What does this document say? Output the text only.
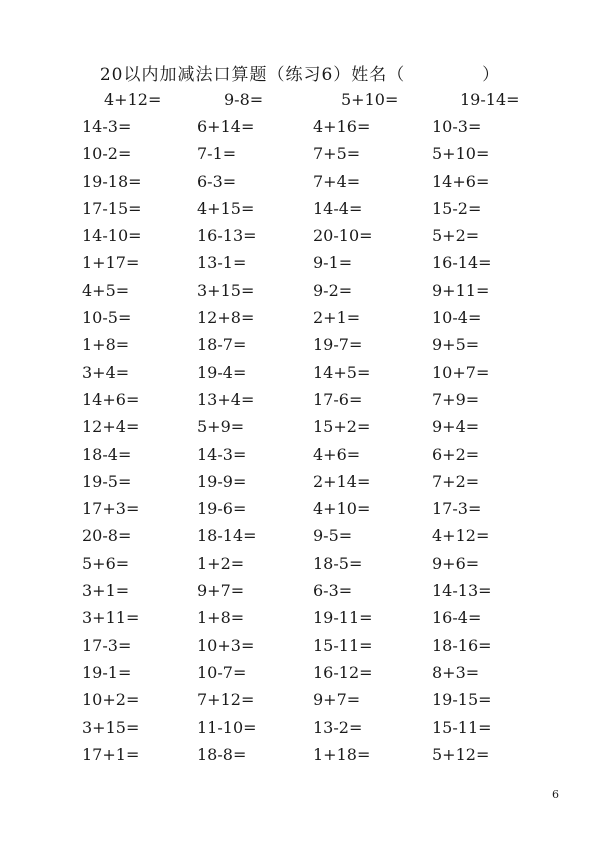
20以内加减法口算题（练习6）姓名（            ）
4+12=	9-8=	5+10=	19-14=
14-3=	6+14=	4+16=	10-3=
10-2=	7-1=	7+5=	5+10=
19-18=	6-3=	7+4=	14+6=
17-15=	4+15=	14-4=	15-2=
14-10=	16-13=	20-10=	5+2=
1+17=	13-1=	9-1=	16-14=
4+5=	3+15=	9-2=	9+11=
10-5=	12+8=	2+1=	10-4=
1+8=	18-7=	19-7=	9+5=
3+4=	19-4=	14+5=	10+7=
14+6=	13+4=	17-6=	7+9=
12+4=	5+9=	15+2=	9+4=
18-4=	14-3=	4+6=	6+2=
19-5=	19-9=	2+14=	7+2=
17+3=	19-6=	4+10=	17-3=
20-8=	18-14=	9-5=	4+12=
5+6=	1+2=	18-5=	9+6=
3+1=	9+7=	6-3=	14-13=
3+11=	1+8=	19-11=	16-4=
17-3=	10+3=	15-11=	18-16=
19-1=	10-7=	16-12=	8+3=
10+2=	7+12=	9+7=	19-15=
3+15=	11-10=	13-2=	15-11=
17+1=	18-8=	1+18=	5+12=
6
